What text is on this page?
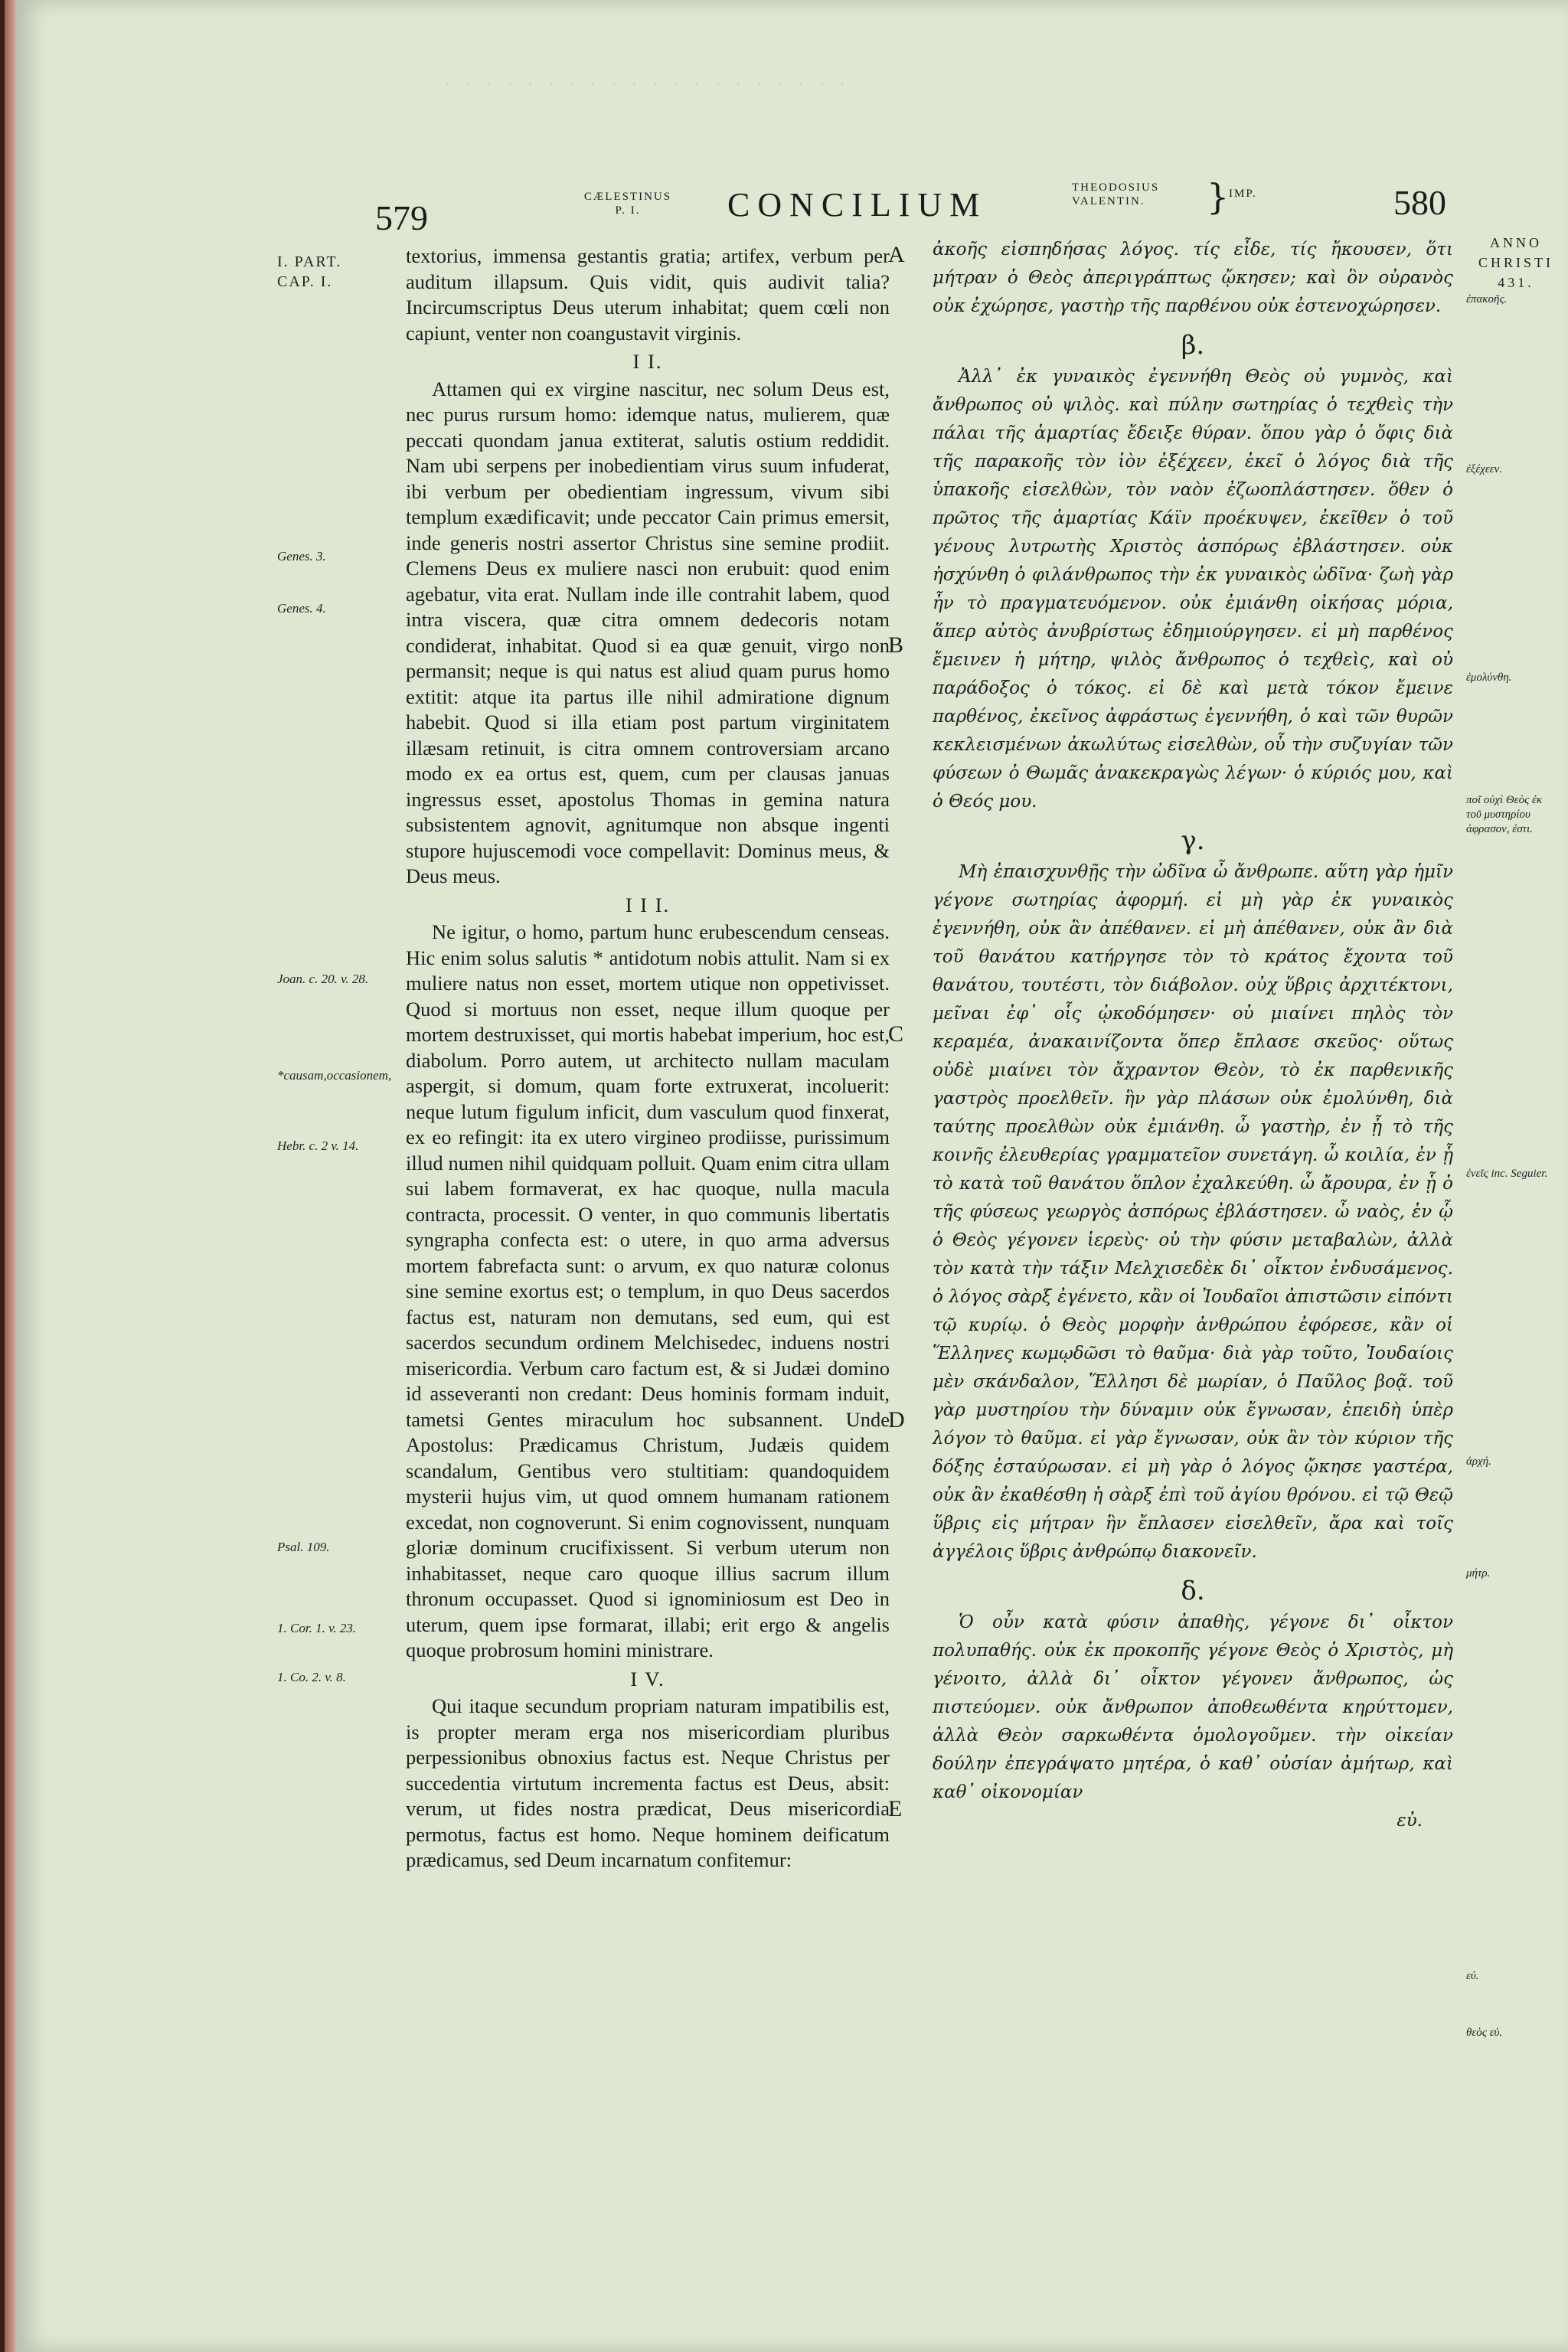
· · · · · · · · · · · · · · · · · · · ·
579
CÆLESTINUS
P. I.	CONCILIUM	THEODOSIUS
VALENTIN.	} IMP.	580
I. PART.
CAP. I.
Genes. 3.
Genes. 4.
Joan. c. 20. v. 28.
*causam,occasionem,
Hebr. c. 2 v. 14.
Psal. 109.
1. Cor. 1. v. 23.
1. Co. 2. v. 8.
A
B
C
D
E

textorius, immensa gestantis gratia; artifex, verbum per auditum illapsum. Quis vidit, quis audivit talia? Incircumscriptus Deus uterum inhabitat; quem cœli non capiunt, venter non coangustavit virginis.

I I.

Attamen qui ex virgine nascitur, nec solum Deus est, nec purus rursum homo: idemque natus, mulierem, quæ peccati quondam janua extiterat, salutis ostium reddidit. Nam ubi serpens per inobedientiam virus suum infuderat, ibi verbum per obedientiam ingressum, vivum sibi templum exædificavit; unde peccator Cain primus emersit, inde generis nostri assertor Christus sine semine prodiit. Clemens Deus ex muliere nasci non erubuit: quod enim agebatur, vita erat. Nullam inde ille contrahit labem, quod intra viscera, quæ citra omnem dedecoris notam condiderat, inhabitat. Quod si ea quæ genuit, virgo non permansit; neque is qui natus est aliud quam purus homo extitit: atque ita partus ille nihil admiratione dignum habebit. Quod si illa etiam post partum virginitatem illæsam retinuit, is citra omnem controversiam arcano modo ex ea ortus est, quem, cum per clausas januas ingressus esset, apostolus Thomas in gemina natura subsistentem agnovit, agnitumque non absque ingenti stupore hujuscemodi voce compellavit: Dominus meus, & Deus meus.

I I I.

Ne igitur, o homo, partum hunc erubescendum censeas. Hic enim solus salutis * antidotum nobis attulit. Nam si ex muliere natus non esset, mortem utique non oppetivisset. Quod si mortuus non esset, neque illum quoque per mortem destruxisset, qui mortis habebat imperium, hoc est, diabolum. Porro autem, ut architecto nullam maculam aspergit, si domum, quam forte extruxerat, incoluerit: neque lutum figulum inficit, dum vasculum quod finxerat, ex eo refingit: ita ex utero virgineo prodiisse, purissimum illud numen nihil quidquam polluit. Quam enim citra ullam sui labem formaverat, ex hac quoque, nulla macula contracta, processit. O venter, in quo communis libertatis syngrapha confecta est: o utere, in quo arma adversus mortem fabrefacta sunt: o arvum, ex quo naturæ colonus sine semine exortus est; o templum, in quo Deus sacerdos factus est, naturam non demutans, sed eum, qui est sacerdos secundum ordinem Melchisedec, induens nostri misericordia. Verbum caro factum est, & si Judæi domino id asseveranti non credant: Deus hominis formam induit, tametsi Gentes miraculum hoc subsannent. Unde Apostolus: Prædicamus Christum, Judæis quidem scandalum, Gentibus vero stultitiam: quandoquidem mysterii hujus vim, ut quod omnem humanam rationem excedat, non cognoverunt. Si enim cognovissent, nunquam gloriæ dominum crucifixissent. Si verbum uterum non inhabitasset, neque caro quoque illius sacrum illum thronum occupasset. Quod si ignominiosum est Deo in uterum, quem ipse formarat, illabi; erit ergo & angelis quoque probrosum homini ministrare.

I V.

Qui itaque secundum propriam naturam impatibilis est, is propter meram erga nos misericordiam pluribus perpessionibus obnoxius factus est. Neque Christus per succedentia virtutum incrementa factus est Deus, absit: verum, ut fides nostra prædicat, Deus misericordia permotus, factus est homo. Neque hominem deificatum prædicamus, sed Deum incarnatum confitemur:

ἀκοῆς εἰσπηδήσας λόγος. τίς εἶδε, τίς ἤκουσεν, ὅτι μήτραν ὁ Θεὸς ἀπεριγράπτως ᾤκησεν; καὶ ὃν οὐρανὸς οὐκ ἐχώρησε, γαστὴρ τῆς παρθένου οὐκ ἐστενοχώρησεν.

β.

Ἀλλ᾽ ἐκ γυναικὸς ἐγεννήθη Θεὸς οὐ γυμνὸς, καὶ ἄνθρωπος οὐ ψιλὸς. καὶ πύλην σωτηρίας ὁ τεχθεὶς τὴν πάλαι τῆς ἁμαρτίας ἔδειξε θύραν. ὅπου γὰρ ὁ ὄφις διὰ τῆς παρακοῆς τὸν ἰὸν ἐξέχεεν, ἐκεῖ ὁ λόγος διὰ τῆς ὑπακοῆς εἰσελθὼν, τὸν ναὸν ἐζωοπλάστησεν. ὅθεν ὁ πρῶτος τῆς ἁμαρτίας Κάϊν προέκυψεν, ἐκεῖθεν ὁ τοῦ γένους λυτρωτὴς Χριστὸς ἀσπόρως ἐβλάστησεν. οὐκ ἠσχύνθη ὁ φιλάνθρωπος τὴν ἐκ γυναικὸς ὠδῖνα· ζωὴ γὰρ ἦν τὸ πραγματευόμενον. οὐκ ἐμιάνθη οἰκήσας μόρια, ἅπερ αὐτὸς ἀνυβρίστως ἐδημιούργησεν. εἰ μὴ παρθένος ἔμεινεν ἡ μήτηρ, ψιλὸς ἄνθρωπος ὁ τεχθεὶς, καὶ οὐ παράδοξος ὁ τόκος. εἰ δὲ καὶ μετὰ τόκον ἔμεινε παρθένος, ἐκεῖνος ἀφράστως ἐγεννήθη, ὁ καὶ τῶν θυρῶν κεκλεισμένων ἀκωλύτως εἰσελθὼν, οὗ τὴν συζυγίαν τῶν φύσεων ὁ Θωμᾶς ἀνακεκραγὼς λέγων· ὁ κύριός μου, καὶ ὁ Θεός μου.

γ.

Μὴ ἐπαισχυνθῇς τὴν ὠδῖνα ὦ ἄνθρωπε. αὕτη γὰρ ἡμῖν γέγονε σωτηρίας ἀφορμή. εἰ μὴ γὰρ ἐκ γυναικὸς ἐγεννήθη, οὐκ ἂν ἀπέθανεν. εἰ μὴ ἀπέθανεν, οὐκ ἂν διὰ τοῦ θανάτου κατήργησε τὸν τὸ κράτος ἔχοντα τοῦ θανάτου, τουτέστι, τὸν διάβολον. οὐχ ὕβρις ἀρχιτέκτονι, μεῖναι ἐφ᾽ οἷς ᾠκοδόμησεν· οὐ μιαίνει πηλὸς τὸν κεραμέα, ἀνακαινίζοντα ὅπερ ἔπλασε σκεῦος· οὕτως οὐδὲ μιαίνει τὸν ἄχραντον Θεὸν, τὸ ἐκ παρθενικῆς γαστρὸς προελθεῖν. ἣν γὰρ πλάσων οὐκ ἐμολύνθη, διὰ ταύτης προελθὼν οὐκ ἐμιάνθη. ὦ γαστὴρ, ἐν ᾗ τὸ τῆς κοινῆς ἐλευθερίας γραμματεῖον συνετάγη. ὦ κοιλία, ἐν ᾗ τὸ κατὰ τοῦ θανάτου ὅπλον ἐχαλκεύθη. ὦ ἄρουρα, ἐν ᾗ ὁ τῆς φύσεως γεωργὸς ἀσπόρως ἐβλάστησεν. ὦ ναὸς, ἐν ᾧ ὁ Θεὸς γέγονεν ἱερεὺς· οὐ τὴν φύσιν μεταβαλὼν, ἀλλὰ τὸν κατὰ τὴν τάξιν Μελχισεδὲκ δι᾽ οἶκτον ἐνδυσάμενος. ὁ λόγος σὰρξ ἐγένετο, κἂν οἱ Ἰουδαῖοι ἀπιστῶσιν εἰπόντι τῷ κυρίῳ. ὁ Θεὸς μορφὴν ἀνθρώπου ἐφόρεσε, κἂν οἱ Ἕλληνες κωμῳδῶσι τὸ θαῦμα· διὰ γὰρ τοῦτο, Ἰουδαίοις μὲν σκάνδαλον, Ἕλλησι δὲ μωρίαν, ὁ Παῦλος βοᾷ. τοῦ γὰρ μυστηρίου τὴν δύναμιν οὐκ ἔγνωσαν, ἐπειδὴ ὑπὲρ λόγον τὸ θαῦμα. εἰ γὰρ ἔγνωσαν, οὐκ ἂν τὸν κύριον τῆς δόξης ἐσταύρωσαν. εἰ μὴ γὰρ ὁ λόγος ᾤκησε γαστέρα, οὐκ ἂν ἐκαθέσθη ἡ σὰρξ ἐπὶ τοῦ ἁγίου θρόνου. εἰ τῷ Θεῷ ὕβρις εἰς μήτραν ἣν ἔπλασεν εἰσελθεῖν, ἄρα καὶ τοῖς ἀγγέλοις ὕβρις ἀνθρώπῳ διακονεῖν.

δ.

Ὁ οὖν κατὰ φύσιν ἀπαθὴς, γέγονε δι᾽ οἶκτον πολυπαθής. οὐκ ἐκ προκοπῆς γέγονε Θεὸς ὁ Χριστὸς, μὴ γένοιτο, ἀλλὰ δι᾽ οἶκτον γέγονεν ἄνθρωπος, ὡς πιστεύομεν. οὐκ ἄνθρωπον ἀποθεωθέντα κηρύττομεν, ἀλλὰ Θεὸν σαρκωθέντα ὁμολογοῦμεν. τὴν οἰκείαν δούλην ἐπεγράψατο μητέρα, ὁ καθ᾽ οὐσίαν ἀμήτωρ, καὶ καθ᾽ οἰκονομίαν

εὐ.

ANNO
CHRISTI
431.
ἐπακοῆς.
ἐξέχεεν.
ἐμολύνθη.
ποῖ οὐχὶ Θεὸς ἐκ τοῦ μυστηρίου ἀφρασον, ἐστι.
ἐνεῖς inc. Seguier.
ἀρχή.
μήτρ.
εὐ.
θεὸς εὐ.
